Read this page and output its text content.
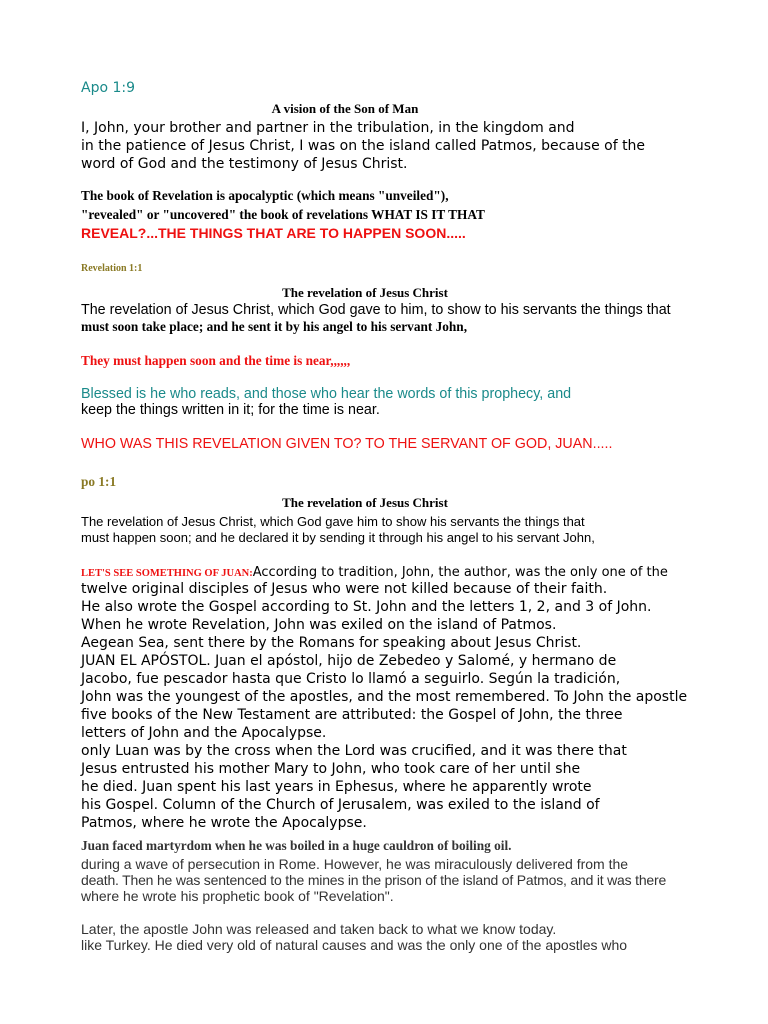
Apo 1:9

A vision of the Son of Man

I, John, your brother and partner in the tribulation, in the kingdom and

in the patience of Jesus Christ, I was on the island called Patmos, because of the

word of God and the testimony of Jesus Christ.

The book of Revelation is apocalyptic (which means "unveiled"),

"revealed" or "uncovered" the book of revelations WHAT IS IT THAT

REVEAL?...THE THINGS THAT ARE TO HAPPEN SOON.....

Revelation 1:1

The revelation of Jesus Christ

The revelation of Jesus Christ, which God gave to him, to show to his servants the things that

must soon take place; and he sent it by his angel to his servant John,

They must happen soon and the time is near,,,,,,

Blessed is he who reads, and those who hear the words of this prophecy, and

keep the things written in it; for the time is near.

WHO WAS THIS REVELATION GIVEN TO? TO THE SERVANT OF GOD, JUAN.....

po 1:1

The revelation of Jesus Christ

The revelation of Jesus Christ, which God gave him to show his servants the things that

must happen soon; and he declared it by sending it through his angel to his servant John,

LET'S SEE SOMETHING OF JUAN:According to tradition, John, the author, was the only one of the

twelve original disciples of Jesus who were not killed because of their faith.

He also wrote the Gospel according to St. John and the letters 1, 2, and 3 of John.

When he wrote Revelation, John was exiled on the island of Patmos.

Aegean Sea, sent there by the Romans for speaking about Jesus Christ.

JUAN EL APÓSTOL. Juan el apóstol, hijo de Zebedeo y Salomé, y hermano de

Jacobo, fue pescador hasta que Cristo lo llamó a seguirlo. Según la tradición,

John was the youngest of the apostles, and the most remembered. To John the apostle

five books of the New Testament are attributed: the Gospel of John, the three

letters of John and the Apocalypse.

only Luan was by the cross when the Lord was crucified, and it was there that

Jesus entrusted his mother Mary to John, who took care of her until she

he died. Juan spent his last years in Ephesus, where he apparently wrote

his Gospel. Column of the Church of Jerusalem, was exiled to the island of

Patmos, where he wrote the Apocalypse.

Juan faced martyrdom when he was boiled in a huge cauldron of boiling oil.

during a wave of persecution in Rome. However, he was miraculously delivered from the

death. Then he was sentenced to the mines in the prison of the island of Patmos, and it was there

where he wrote his prophetic book of "Revelation".

Later, the apostle John was released and taken back to what we know today.

like Turkey. He died very old of natural causes and was the only one of the apostles who
